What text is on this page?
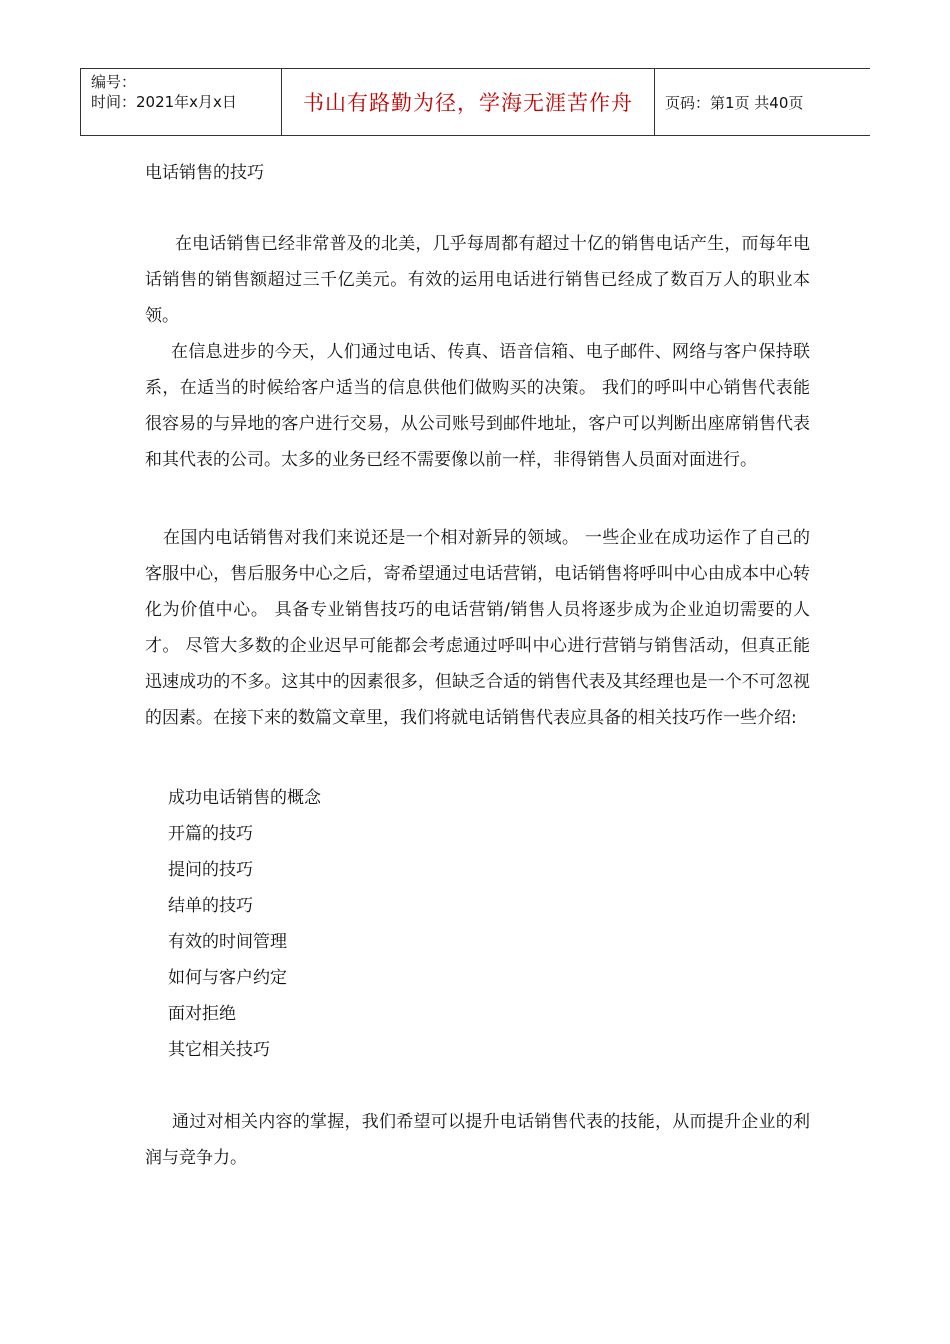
编号：
时间：2021年x月x日	书山有路勤为径，学海无涯苦作舟 页码：第1页 共40页
电话销售的技巧

在电话销售已经非常普及的北美，几乎每周都有超过十亿的销售电话产生，而每年电话销售的销售额超过三千亿美元。有效的运用电话进行销售已经成了数百万人的职业本领。

在信息进步的今天，人们通过电话、传真、语音信箱、电子邮件、网络与客户保持联系，在适当的时候给客户适当的信息供他们做购买的决策。 我们的呼叫中心销售代表能很容易的与异地的客户进行交易，从公司账号到邮件地址，客户可以判断出座席销售代表和其代表的公司。太多的业务已经不需要像以前一样，非得销售人员面对面进行。

在国内电话销售对我们来说还是一个相对新异的领域。 一些企业在成功运作了自己的客服中心，售后服务中心之后，寄希望通过电话营销，电话销售将呼叫中心由成本中心转化为价值中心。 具备专业销售技巧的电话营销/销售人员将逐步成为企业迫切需要的人才。 尽管大多数的企业迟早可能都会考虑通过呼叫中心进行营销与销售活动，但真正能迅速成功的不多。这其中的因素很多，但缺乏合适的销售代表及其经理也是一个不可忽视的因素。在接下来的数篇文章里，我们将就电话销售代表应具备的相关技巧作一些介绍:

成功电话销售的概念
开篇的技巧
提问的技巧
结单的技巧
有效的时间管理
如何与客户约定
面对拒绝
其它相关技巧

通过对相关内容的掌握，我们希望可以提升电话销售代表的技能，从而提升企业的利润与竞争力。
